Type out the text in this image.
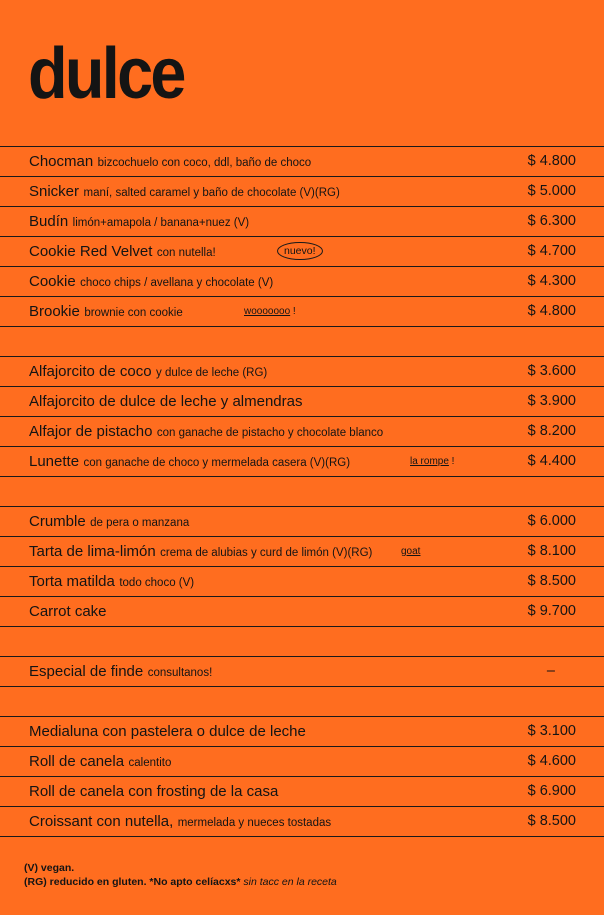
dulce
Chocman bizcochuelo con coco, ddl, baño de choco	$ 4.800
Snicker maní, salted caramel y baño de chocolate (V)(RG)	$ 5.000
Budín limón+amapola / banana+nuez (V)	$ 6.300
Cookie Red Velvet con nutella!	nuevo!	$ 4.700
Cookie choco chips / avellana y chocolate (V)	$ 4.300
Brookie brownie con cookie	wooooooo !	$ 4.800
Alfajorcito de coco y dulce de leche (RG)	$ 3.600
Alfajorcito de dulce de leche y almendras	$ 3.900
Alfajor de pistacho con ganache de pistacho y chocolate blanco	$ 8.200
Lunette con ganache de choco y mermelada casera (V)(RG)	la rompe !	$ 4.400
Crumble de pera o manzana	$ 6.000
Tarta de lima-limón crema de alubias y curd de limón (V)(RG)	goat	$ 8.100
Torta matilda todo choco (V)	$ 8.500
Carrot cake	$ 9.700
Especial de finde consultanos!	–
Medialuna con pastelera o dulce de leche	$ 3.100
Roll de canela calentito	$ 4.600
Roll de canela con frosting de la casa	$ 6.900
Croissant con nutella, mermelada y nueces tostadas	$ 8.500
(V) vegan.
(RG) reducido en gluten. *No apto celíacxs* sin tacc en la receta
